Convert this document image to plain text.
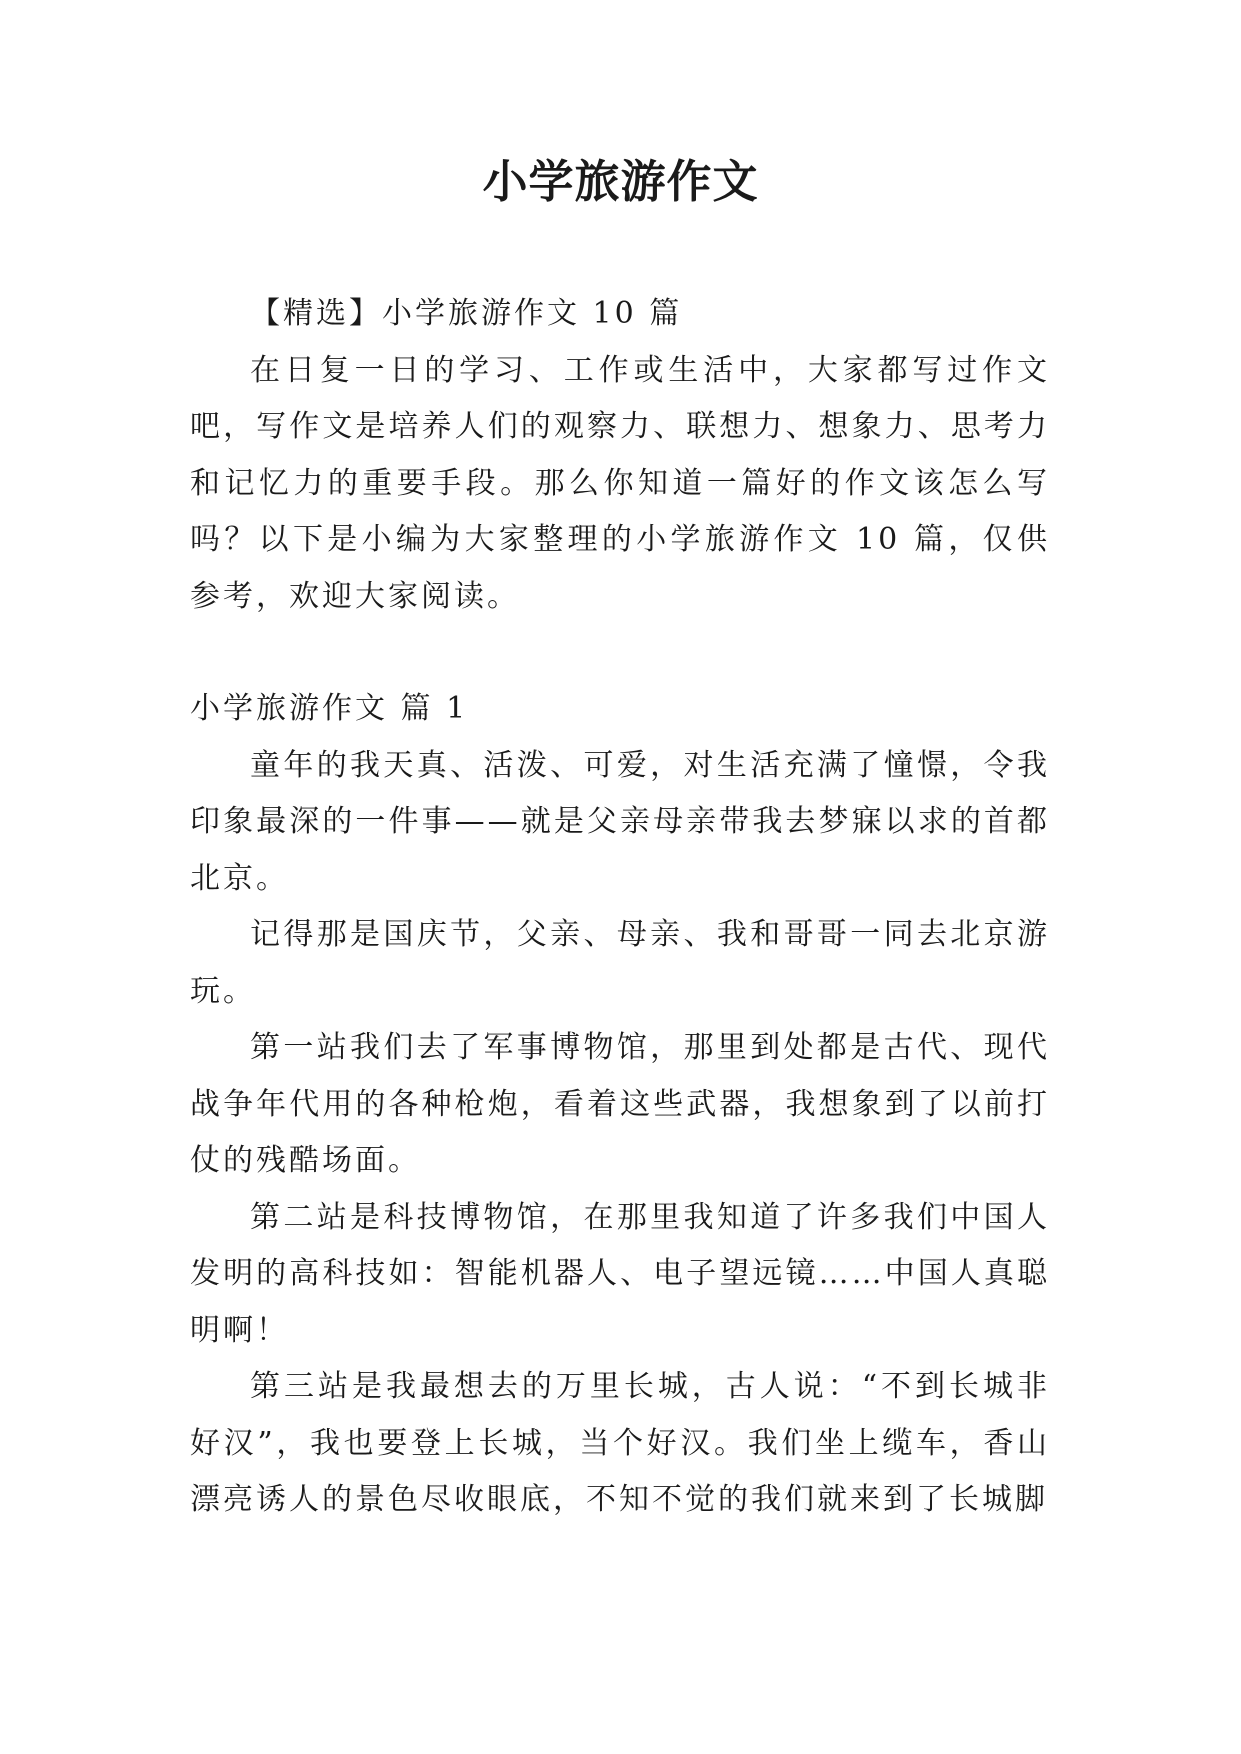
小学旅游作文

【精选】小学旅游作文 10 篇

在日复一日的学习、工作或生活中，大家都写过作文吧，写作文是培养人们的观察力、联想力、想象力、思考力和记忆力的重要手段。那么你知道一篇好的作文该怎么写吗？以下是小编为大家整理的小学旅游作文 10 篇，仅供参考，欢迎大家阅读。

小学旅游作文 篇 1

童年的我天真、活泼、可爱，对生活充满了憧憬，令我印象最深的一件事——就是父亲母亲带我去梦寐以求的首都北京。

记得那是国庆节，父亲、母亲、我和哥哥一同去北京游玩。

第一站我们去了军事博物馆，那里到处都是古代、现代战争年代用的各种枪炮，看着这些武器，我想象到了以前打仗的残酷场面。

第二站是科技博物馆，在那里我知道了许多我们中国人发明的高科技如：智能机器人、电子望远镜……中国人真聪明啊！

第三站是我最想去的万里长城，古人说：“不到长城非好汉”，我也要登上长城，当个好汉。我们坐上缆车，香山漂亮诱人的景色尽收眼底，不知不觉的我们就来到了长城脚
